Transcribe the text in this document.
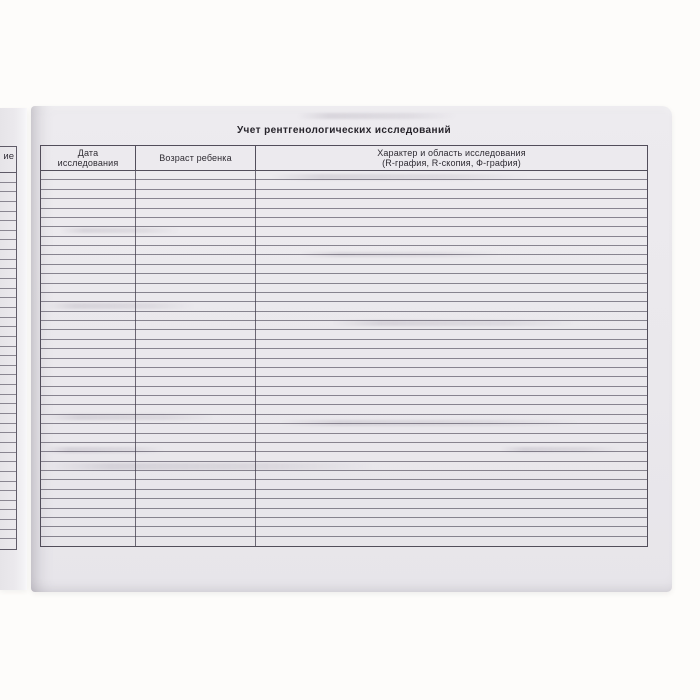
ие
Учет рентгенологических исследований
Дата
исследования
Возраст ребенка
Характер и область исследования
(R-графия, R-скопия, Ф-графия)
